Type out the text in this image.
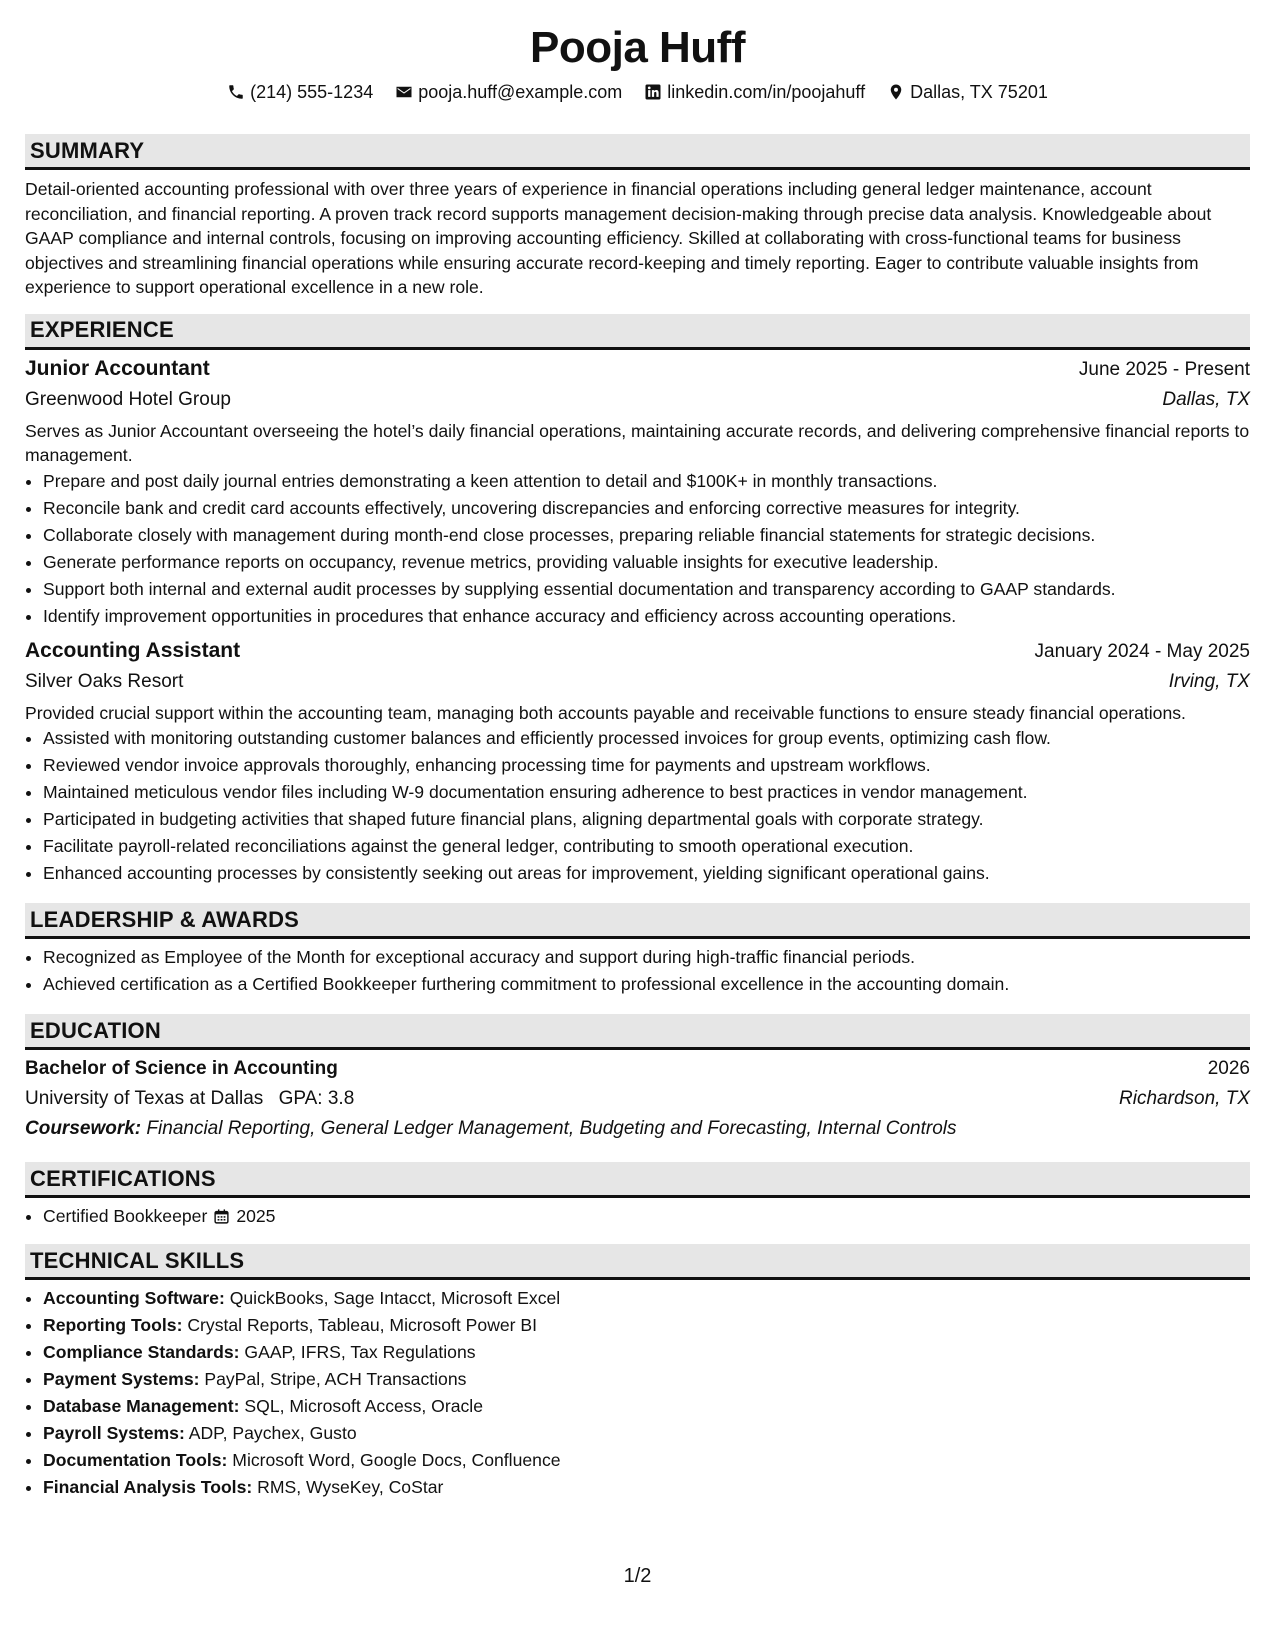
Pooja Huff
(214) 555-1234	pooja.huff@example.com	linkedin.com/in/poojahuff	Dallas, TX 75201
SUMMARY

Detail-oriented accounting professional with over three years of experience in financial operations including general ledger maintenance, account reconciliation, and financial reporting. A proven track record supports management decision-making through precise data analysis. Knowledgeable about GAAP compliance and internal controls, focusing on improving accounting efficiency. Skilled at collaborating with cross-functional teams for business objectives and streamlining financial operations while ensuring accurate record-keeping and timely reporting. Eager to contribute valuable insights from experience to support operational excellence in a new role.

EXPERIENCE
Junior Accountant	June 2025 - Present
Greenwood Hotel Group	Dallas, TX

Serves as Junior Accountant overseeing the hotel’s daily financial operations, maintaining accurate records, and delivering comprehensive financial reports to management.

• Prepare and post daily journal entries demonstrating a keen attention to detail and $100K+ in monthly transactions.
• Reconcile bank and credit card accounts effectively, uncovering discrepancies and enforcing corrective measures for integrity.
• Collaborate closely with management during month-end close processes, preparing reliable financial statements for strategic decisions.
• Generate performance reports on occupancy, revenue metrics, providing valuable insights for executive leadership.
• Support both internal and external audit processes by supplying essential documentation and transparency according to GAAP standards.
• Identify improvement opportunities in procedures that enhance accuracy and efficiency across accounting operations.
Accounting Assistant	January 2024 - May 2025
Silver Oaks Resort	Irving, TX

Provided crucial support within the accounting team, managing both accounts payable and receivable functions to ensure steady financial operations.

• Assisted with monitoring outstanding customer balances and efficiently processed invoices for group events, optimizing cash flow.
• Reviewed vendor invoice approvals thoroughly, enhancing processing time for payments and upstream workflows.
• Maintained meticulous vendor files including W-9 documentation ensuring adherence to best practices in vendor management.
• Participated in budgeting activities that shaped future financial plans, aligning departmental goals with corporate strategy.
• Facilitate payroll-related reconciliations against the general ledger, contributing to smooth operational execution.
• Enhanced accounting processes by consistently seeking out areas for improvement, yielding significant operational gains.
LEADERSHIP & AWARDS
• Recognized as Employee of the Month for exceptional accuracy and support during high-traffic financial periods.
• Achieved certification as a Certified Bookkeeper furthering commitment to professional excellence in the accounting domain.
EDUCATION
Bachelor of Science in Accounting	2026
University of Texas at Dallas GPA: 3.8	Richardson, TX
Coursework: Financial Reporting, General Ledger Management, Budgeting and Forecasting, Internal Controls
CERTIFICATIONS
• Certified Bookkeeper 2025
TECHNICAL SKILLS
• Accounting Software: QuickBooks, Sage Intacct, Microsoft Excel
• Reporting Tools: Crystal Reports, Tableau, Microsoft Power BI
• Compliance Standards: GAAP, IFRS, Tax Regulations
• Payment Systems: PayPal, Stripe, ACH Transactions
• Database Management: SQL, Microsoft Access, Oracle
• Payroll Systems: ADP, Paychex, Gusto
• Documentation Tools: Microsoft Word, Google Docs, Confluence
• Financial Analysis Tools: RMS, WyseKey, CoStar
1/2
